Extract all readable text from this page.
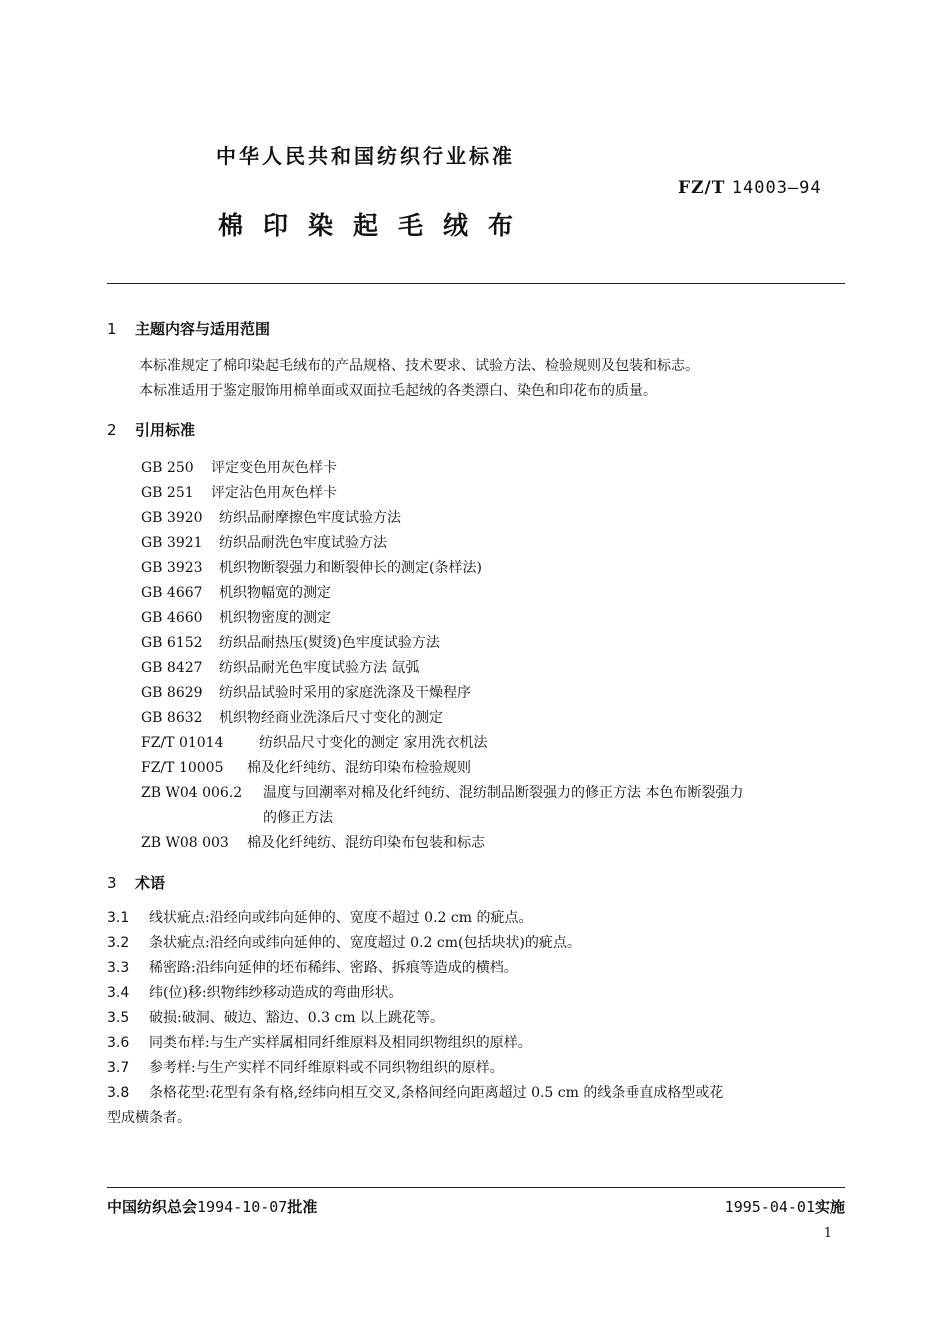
中华人民共和国纺织行业标准
FZ/T 14003—94
棉印染起毛绒布
1 主题内容与适用范围
本标准规定了棉印染起毛绒布的产品规格、技术要求、试验方法、检验规则及包装和标志。
本标准适用于鉴定服饰用棉单面或双面拉毛起绒的各类漂白、染色和印花布的质量。
2 引用标准
GB 250 评定变色用灰色样卡
GB 251 评定沾色用灰色样卡
GB 3920 纺织品耐摩擦色牢度试验方法
GB 3921 纺织品耐洗色牢度试验方法
GB 3923 机织物断裂强力和断裂伸长的测定(条样法)
GB 4667 机织物幅宽的测定
GB 4660 机织物密度的测定
GB 6152 纺织品耐热压(熨烫)色牢度试验方法
GB 8427 纺织品耐光色牢度试验方法 氙弧
GB 8629 纺织品试验时采用的家庭洗涤及干燥程序
GB 8632 机织物经商业洗涤后尺寸变化的测定
FZ/T 01014	纺织品尺寸变化的测定 家用洗衣机法
FZ/T 10005 棉及化纤纯纺、混纺印染布检验规则
ZB W04 006.2 温度与回潮率对棉及化纤纯纺、混纺制品断裂强力的修正方法 本色布断裂强力
的修正方法
ZB W08 003 棉及化纤纯纺、混纺印染布包装和标志
3 术语
3.1 线状疵点:沿经向或纬向延伸的、宽度不超过 0.2 cm 的疵点。
3.2 条状疵点:沿经向或纬向延伸的、宽度超过 0.2 cm(包括块状)的疵点。
3.3 稀密路:沿纬向延伸的坯布稀纬、密路、拆痕等造成的横档。
3.4 纬(位)移:织物纬纱移动造成的弯曲形状。
3.5 破损:破洞、破边、豁边、0.3 cm 以上跳花等。
3.6 同类布样:与生产实样属相同纤维原料及相同织物组织的原样。
3.7 参考样:与生产实样不同纤维原料或不同织物组织的原样。
3.8 条格花型:花型有条有格,经纬向相互交叉,条格间经向距离超过 0.5 cm 的线条垂直成格型或花
型成横条者。
中国纺织总会1994-10-07批准	1995-04-01实施
1
